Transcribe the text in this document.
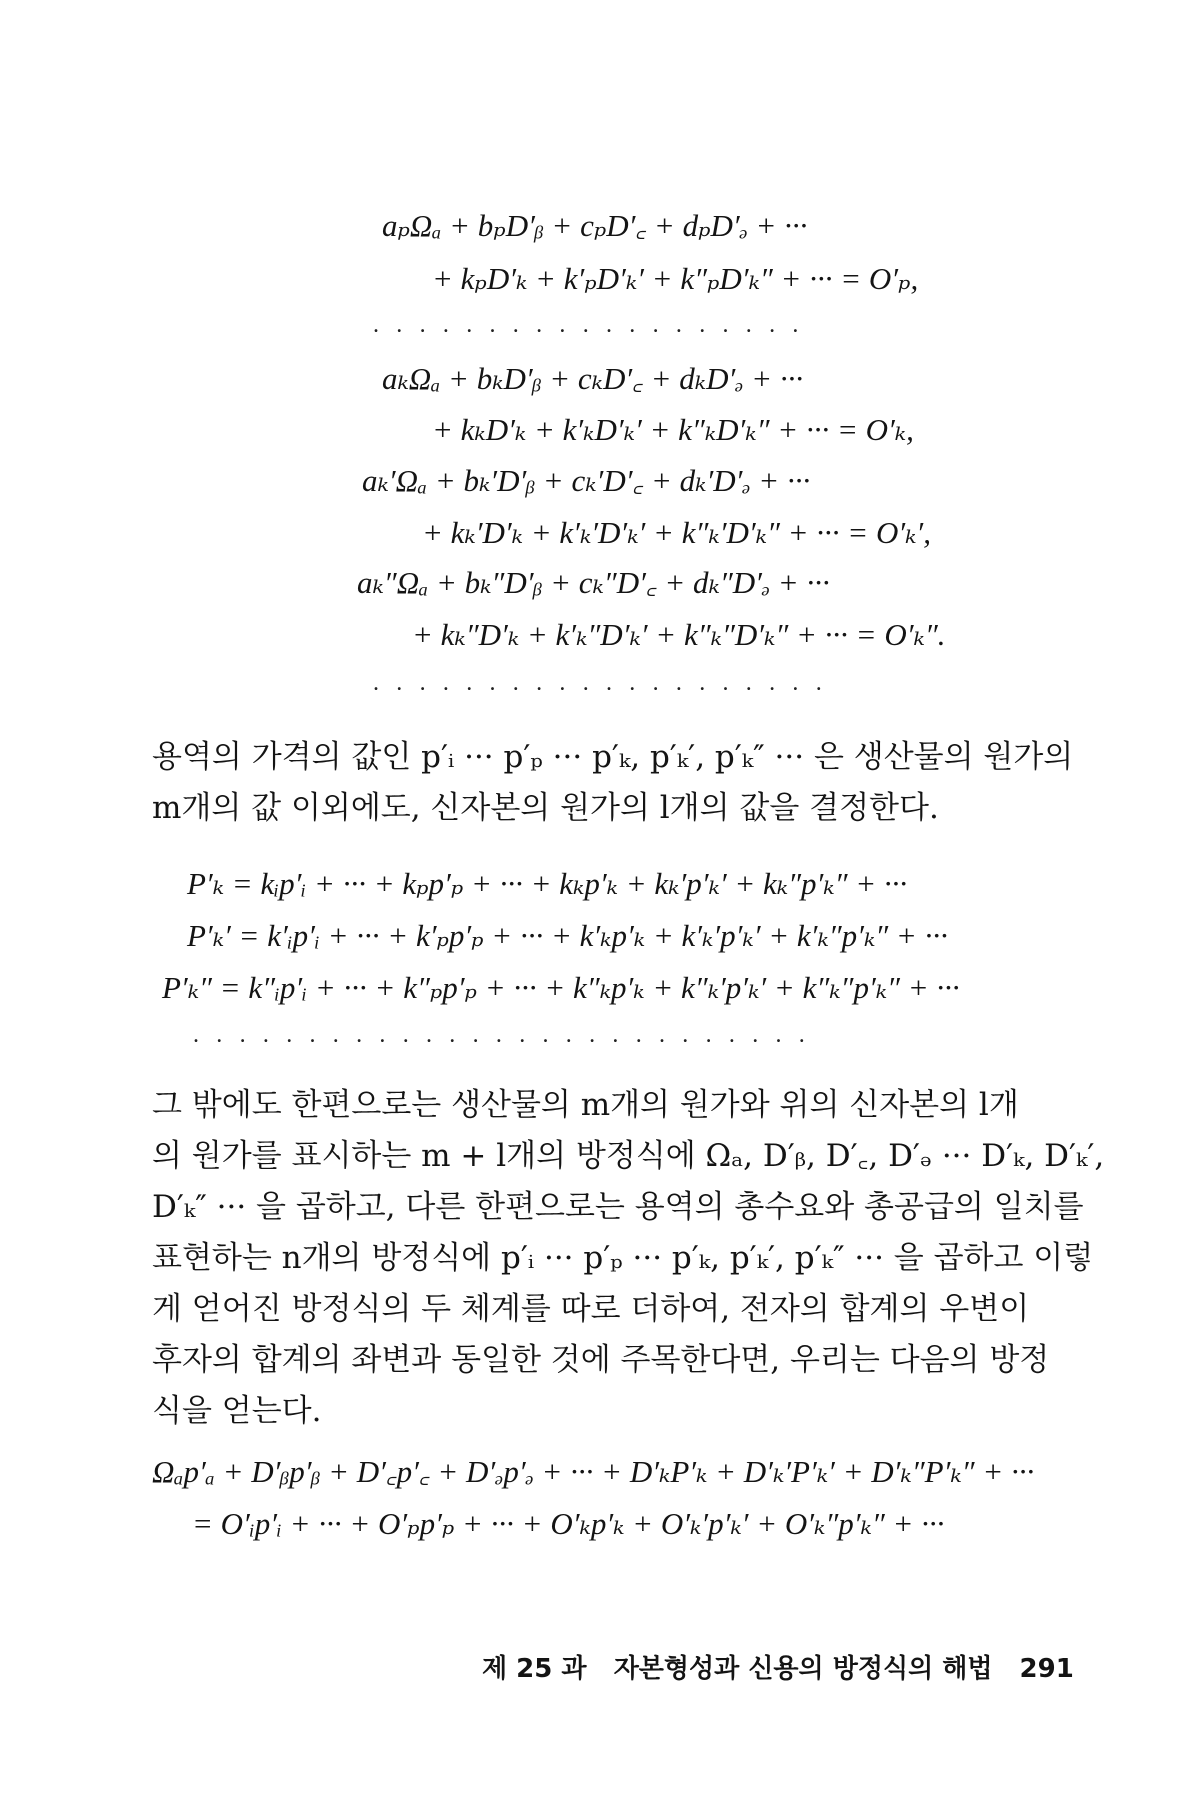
aₚΩₐ + bₚD′ᵦ + cₚD′꜀ + dₚD′ₔ + ···
+ kₚD′ₖ + k′ₚD′ₖ′ + k″ₚD′ₖ″ + ··· = O′ₚ,
...................
aₖΩₐ + bₖD′ᵦ + cₖD′꜀ + dₖD′ₔ + ···
+ kₖD′ₖ + k′ₖD′ₖ′ + k″ₖD′ₖ″ + ··· = O′ₖ,
aₖ′Ωₐ + bₖ′D′ᵦ + cₖ′D′꜀ + dₖ′D′ₔ + ···
+ kₖ′D′ₖ + k′ₖ′D′ₖ′ + k″ₖ′D′ₖ″ + ··· = O′ₖ′,
aₖ″Ωₐ + bₖ″D′ᵦ + cₖ″D′꜀ + dₖ″D′ₔ + ···
+ kₖ″D′ₖ + k′ₖ″D′ₖ′ + k″ₖ″D′ₖ″ + ··· = O′ₖ″.
....................
용역의 가격의 값인 p′ᵢ ··· p′ₚ ··· p′ₖ, p′ₖ′, p′ₖ″ ··· 은 생산물의 원가의
m개의 값 이외에도, 신자본의 원가의 l개의 값을 결정한다.
P′ₖ = kᵢp′ᵢ + ··· + kₚp′ₚ + ··· + kₖp′ₖ + kₖ′p′ₖ′ + kₖ″p′ₖ″ + ···
P′ₖ′ = k′ᵢp′ᵢ + ··· + k′ₚp′ₚ + ··· + k′ₖp′ₖ + k′ₖ′p′ₖ′ + k′ₖ″p′ₖ″ + ···
P′ₖ″ = k″ᵢp′ᵢ + ··· + k″ₚp′ₚ + ··· + k″ₖp′ₖ + k″ₖ′p′ₖ′ + k″ₖ″p′ₖ″ + ···
...........................
그 밖에도 한편으로는 생산물의 m개의 원가와 위의 신자본의 l개
의 원가를 표시하는 m + l개의 방정식에 Ωₐ, D′ᵦ, D′꜀, D′ₔ ··· D′ₖ, D′ₖ′,
D′ₖ″ ··· 을 곱하고, 다른 한편으로는 용역의 총수요와 총공급의 일치를
표현하는 n개의 방정식에 p′ᵢ ··· p′ₚ ··· p′ₖ, p′ₖ′, p′ₖ″ ··· 을 곱하고 이렇
게 얻어진 방정식의 두 체계를 따로 더하여, 전자의 합계의 우변이
후자의 합계의 좌변과 동일한 것에 주목한다면, 우리는 다음의 방정
식을 얻는다.
Ωₐp′ₐ + D′ᵦp′ᵦ + D′꜀p′꜀ + D′ₔp′ₔ + ··· + D′ₖP′ₖ + D′ₖ′P′ₖ′ + D′ₖ″P′ₖ″ + ···
= O′ᵢp′ᵢ + ··· + O′ₚp′ₚ + ··· + O′ₖp′ₖ + O′ₖ′p′ₖ′ + O′ₖ″p′ₖ″ + ···
제 25 과 자본형성과 신용의 방정식의 해법 291
